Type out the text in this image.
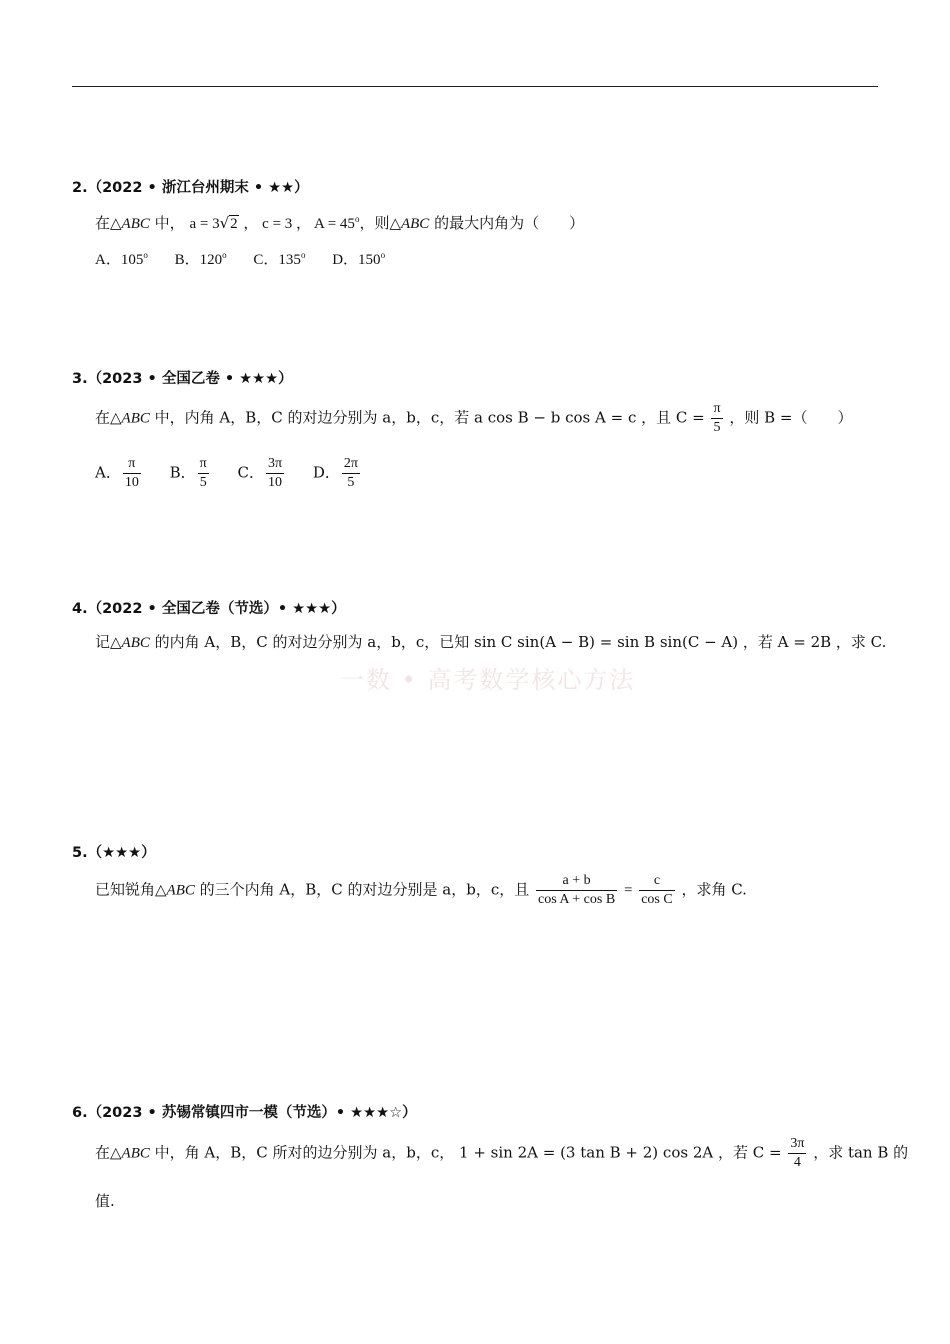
一数 • 高考数学核心方法
2.（2022 • 浙江台州期末 • ★★）
在△ABC 中， a = 3√2 ， c = 3 ， $A = 45^o$，则△ABC 的最大内角为（　　）
A．105$^o$ B．120$^o$ C．135$^o$ D．150$^o$
3.（2023 • 全国乙卷 • ★★★）
在△ABC 中，内角 A，B，C 的对边分别为 a，b，c，若 a cos B − b cos A = c ，且 $C = \frac{\pi}{5}$ ，则 B =（　　）
A． $\frac{\pi}{10}$ B． $\frac{\pi}{5}$ C． $\frac{3\pi}{10}$ D． $\frac{2\pi}{5}$
4.（2022 • 全国乙卷（节选）• ★★★）
记△ABC 的内角 A，B，C 的对边分别为 a，b，c，已知 sin C sin(A − B) = sin B sin(C − A) ，若 A = 2B ，求 C.
5.（★★★）
已知锐角△ABC 的三个内角 A，B，C 的对边分别是 a，b，c，且 $\frac{a + b}{\text{cos A + cos B}} = \frac{c}{\text{cos C}}$ ，求角 C.
6.（2023 • 苏锡常镇四市一模（节选）• ★★★☆）
在△ABC 中，角 A，B，C 所对的边分别为 a，b，c， 1 + sin 2A = (3 tan B + 2) cos 2A ，若 $C = \frac{3\pi}{4}$ ，求 tan B 的
值.
